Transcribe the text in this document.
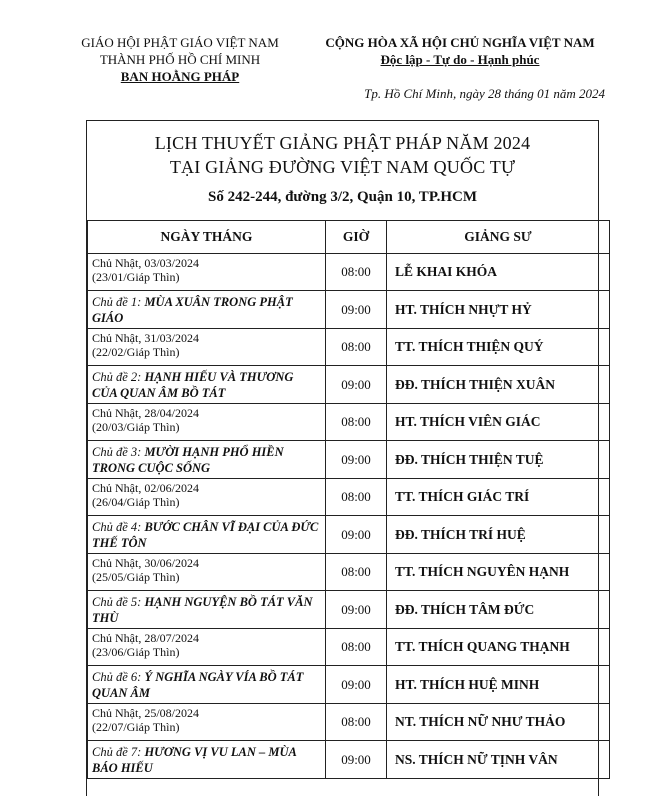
GIÁO HỘI PHẬT GIÁO VIỆT NAM
THÀNH PHỐ HỒ CHÍ MINH
BAN HOẰNG PHÁP
CỘNG HÒA XÃ HỘI CHỦ NGHĨA VIỆT NAM
Độc lập - Tự do - Hạnh phúc
Tp. Hồ Chí Minh, ngày 28 tháng 01 năm 2024
LỊCH THUYẾT GIẢNG PHẬT PHÁP NĂM 2024
TẠI GIẢNG ĐƯỜNG VIỆT NAM QUỐC TỰ
Số 242-244, đường 3/2, Quận 10, TP.HCM
NGÀY THÁNG	GIỜ	GIẢNG SƯ

Chủ Nhật, 03/03/2024
(23/01/Giáp Thìn)	08:00	LỄ KHAI KHÓA
Chủ đề 1: MÙA XUÂN TRONG PHẬT GIÁO	09:00	HT. THÍCH NHỰT HỶ

Chủ Nhật, 31/03/2024
(22/02/Giáp Thìn)	08:00	TT. THÍCH THIỆN QUÝ
Chủ đề 2: HẠNH HIẾU VÀ THƯƠNG CỦA QUAN ÂM BỒ TÁT	09:00	ĐĐ. THÍCH THIỆN XUÂN

Chủ Nhật, 28/04/2024
(20/03/Giáp Thìn)	08:00	HT. THÍCH VIÊN GIÁC
Chủ đề 3: MƯỜI HẠNH PHỔ HIỀN TRONG CUỘC SỐNG	09:00	ĐĐ. THÍCH THIỆN TUỆ

Chủ Nhật, 02/06/2024
(26/04/Giáp Thìn)	08:00	TT. THÍCH GIÁC TRÍ
Chủ đề 4: BƯỚC CHÂN VĨ ĐẠI CỦA ĐỨC THẾ TÔN	09:00	ĐĐ. THÍCH TRÍ HUỆ

Chủ Nhật, 30/06/2024
(25/05/Giáp Thìn)	08:00	TT. THÍCH NGUYÊN HẠNH
Chủ đề 5: HẠNH NGUYỆN BỒ TÁT VĂN THÙ	09:00	ĐĐ. THÍCH TÂM ĐỨC

Chủ Nhật, 28/07/2024
(23/06/Giáp Thìn)	08:00	TT. THÍCH QUANG THẠNH
Chủ đề 6: Ý NGHĨA NGÀY VÍA BỒ TÁT QUAN ÂM	09:00	HT. THÍCH HUỆ MINH

Chủ Nhật, 25/08/2024
(22/07/Giáp Thìn)	08:00	NT. THÍCH NỮ NHƯ THẢO
Chủ đề 7: HƯƠNG VỊ VU LAN – MÙA BÁO HIẾU	09:00	NS. THÍCH NỮ TỊNH VÂN
